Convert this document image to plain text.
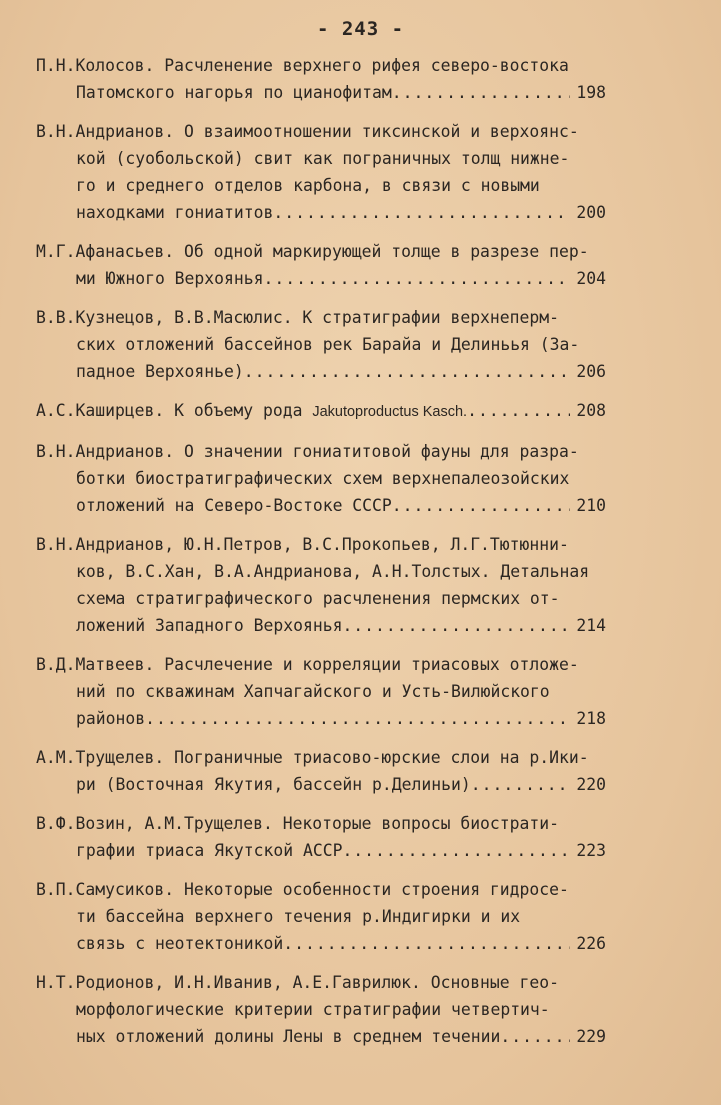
- 243 -
П.Н.Колосов. Расчленение верхнего рифея северо-востока
Патомского нагорья по цианофитам .....	198
В.Н.Андрианов. О взаимоотношении тиксинской и верхоянс-
кой (суобольской) свит как пограничных толщ нижне-
го и среднего отделов карбона, в связи с новыми
находками гониатитов .....	200
М.Г.Афанасьев. Об одной маркирующей толще в разрезе пер-
ми Южного Верхоянья .....	204
В.В.Кузнецов, В.В.Масюлис. К стратиграфии верхнеперм-
ских отложений бассейнов рек Барайа и Делиньья (За-
падное Верхоянье) .....	206
А.С.Каширцев. К объему рода Jakutoproductus Kasch. .....	208
В.Н.Андрианов. О значении гониатитовой фауны для разра-
ботки биостратиграфических схем верхнепалеозойских
отложений на Северо-Востоке СССР .....	210
В.Н.Андрианов, Ю.Н.Петров, В.С.Прокопьев, Л.Г.Тютюнни-
ков, В.С.Хан, В.А.Андрианова, А.Н.Толстых. Детальная
схема стратиграфического расчленения пермских от-
ложений Западного Верхоянья .....	214
В.Д.Матвеев. Расчлечение и корреляции триасовых отложе-
ний по скважинам Хапчагайского и Усть-Вилюйского
районов .....	218
А.М.Трущелев. Пограничные триасово-юрские слои на р.Ики-
ри (Восточная Якутия, бассейн р.Делиньи) .....	220
В.Ф.Возин, А.М.Трущелев. Некоторые вопросы биострати-
графии триаса Якутской АССР .....	223
В.П.Самусиков. Некоторые особенности строения гидросе-
ти бассейна верхнего течения р.Индигирки и их
связь с неотектоникой .....	226
Н.Т.Родионов, И.Н.Иванив, А.Е.Гаврилюк. Основные геo-
морфологические критерии стратиграфии четвертич-
ных отложений долины Лены в среднем течении .....	229
